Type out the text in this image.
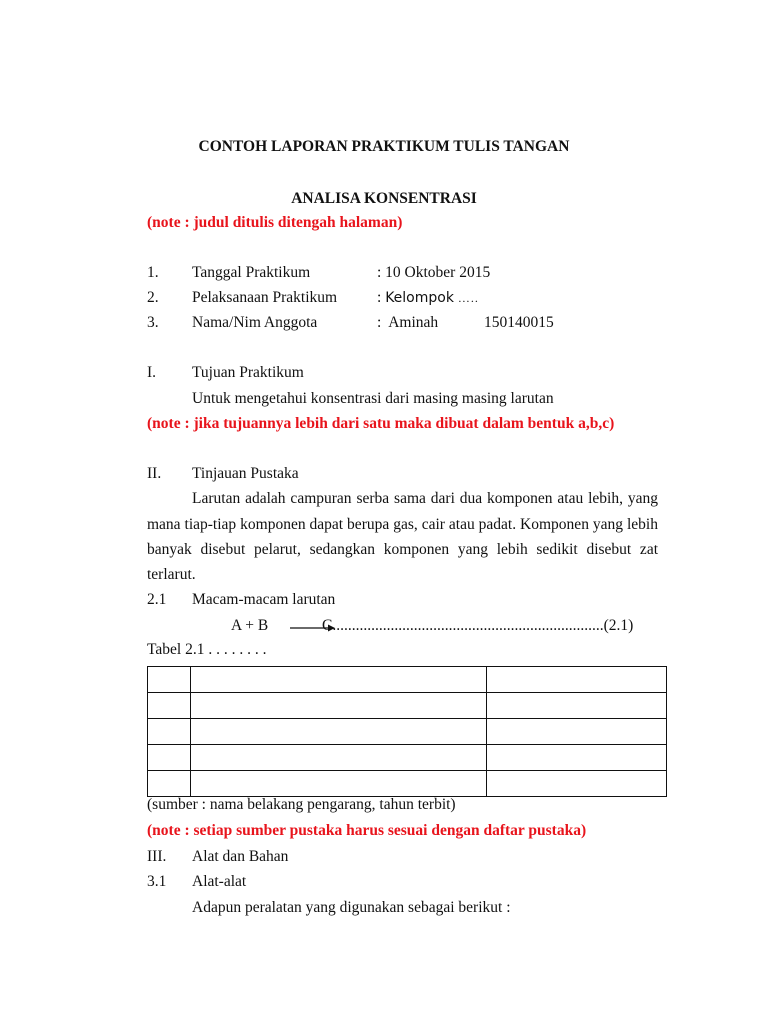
CONTOH LAPORAN PRAKTIKUM TULIS TANGAN
ANALISA KONSENTRASI
(note : judul ditulis ditengah halaman)
1. Tanggal Praktikum	: 10 Oktober 2015
2. Pelaksanaan Praktikum	: Kelompok …..
3. Nama/Nim Anggota	:  Aminah	150140015
I. Tujuan Praktikum
Untuk mengetahui konsentrasi dari masing masing larutan
(note : jika tujuannya lebih dari satu maka dibuat dalam bentuk a,b,c)
II. Tinjauan Pustaka
Larutan adalah campuran serba sama dari dua komponen atau lebih, yang
mana tiap-tiap komponen dapat berupa gas, cair atau padat. Komponen yang lebih
banyak disebut pelarut, sedangkan komponen yang lebih sedikit disebut zat
terlarut.
2.1 Macam-macam larutan
A + B	C......................................................................(2.1)
Tabel 2.1 . . . . . . . .

(sumber : nama belakang pengarang, tahun terbit)
(note : setiap sumber pustaka harus sesuai dengan daftar pustaka)
III. Alat dan Bahan
3.1 Alat-alat
Adapun peralatan yang digunakan sebagai berikut :
